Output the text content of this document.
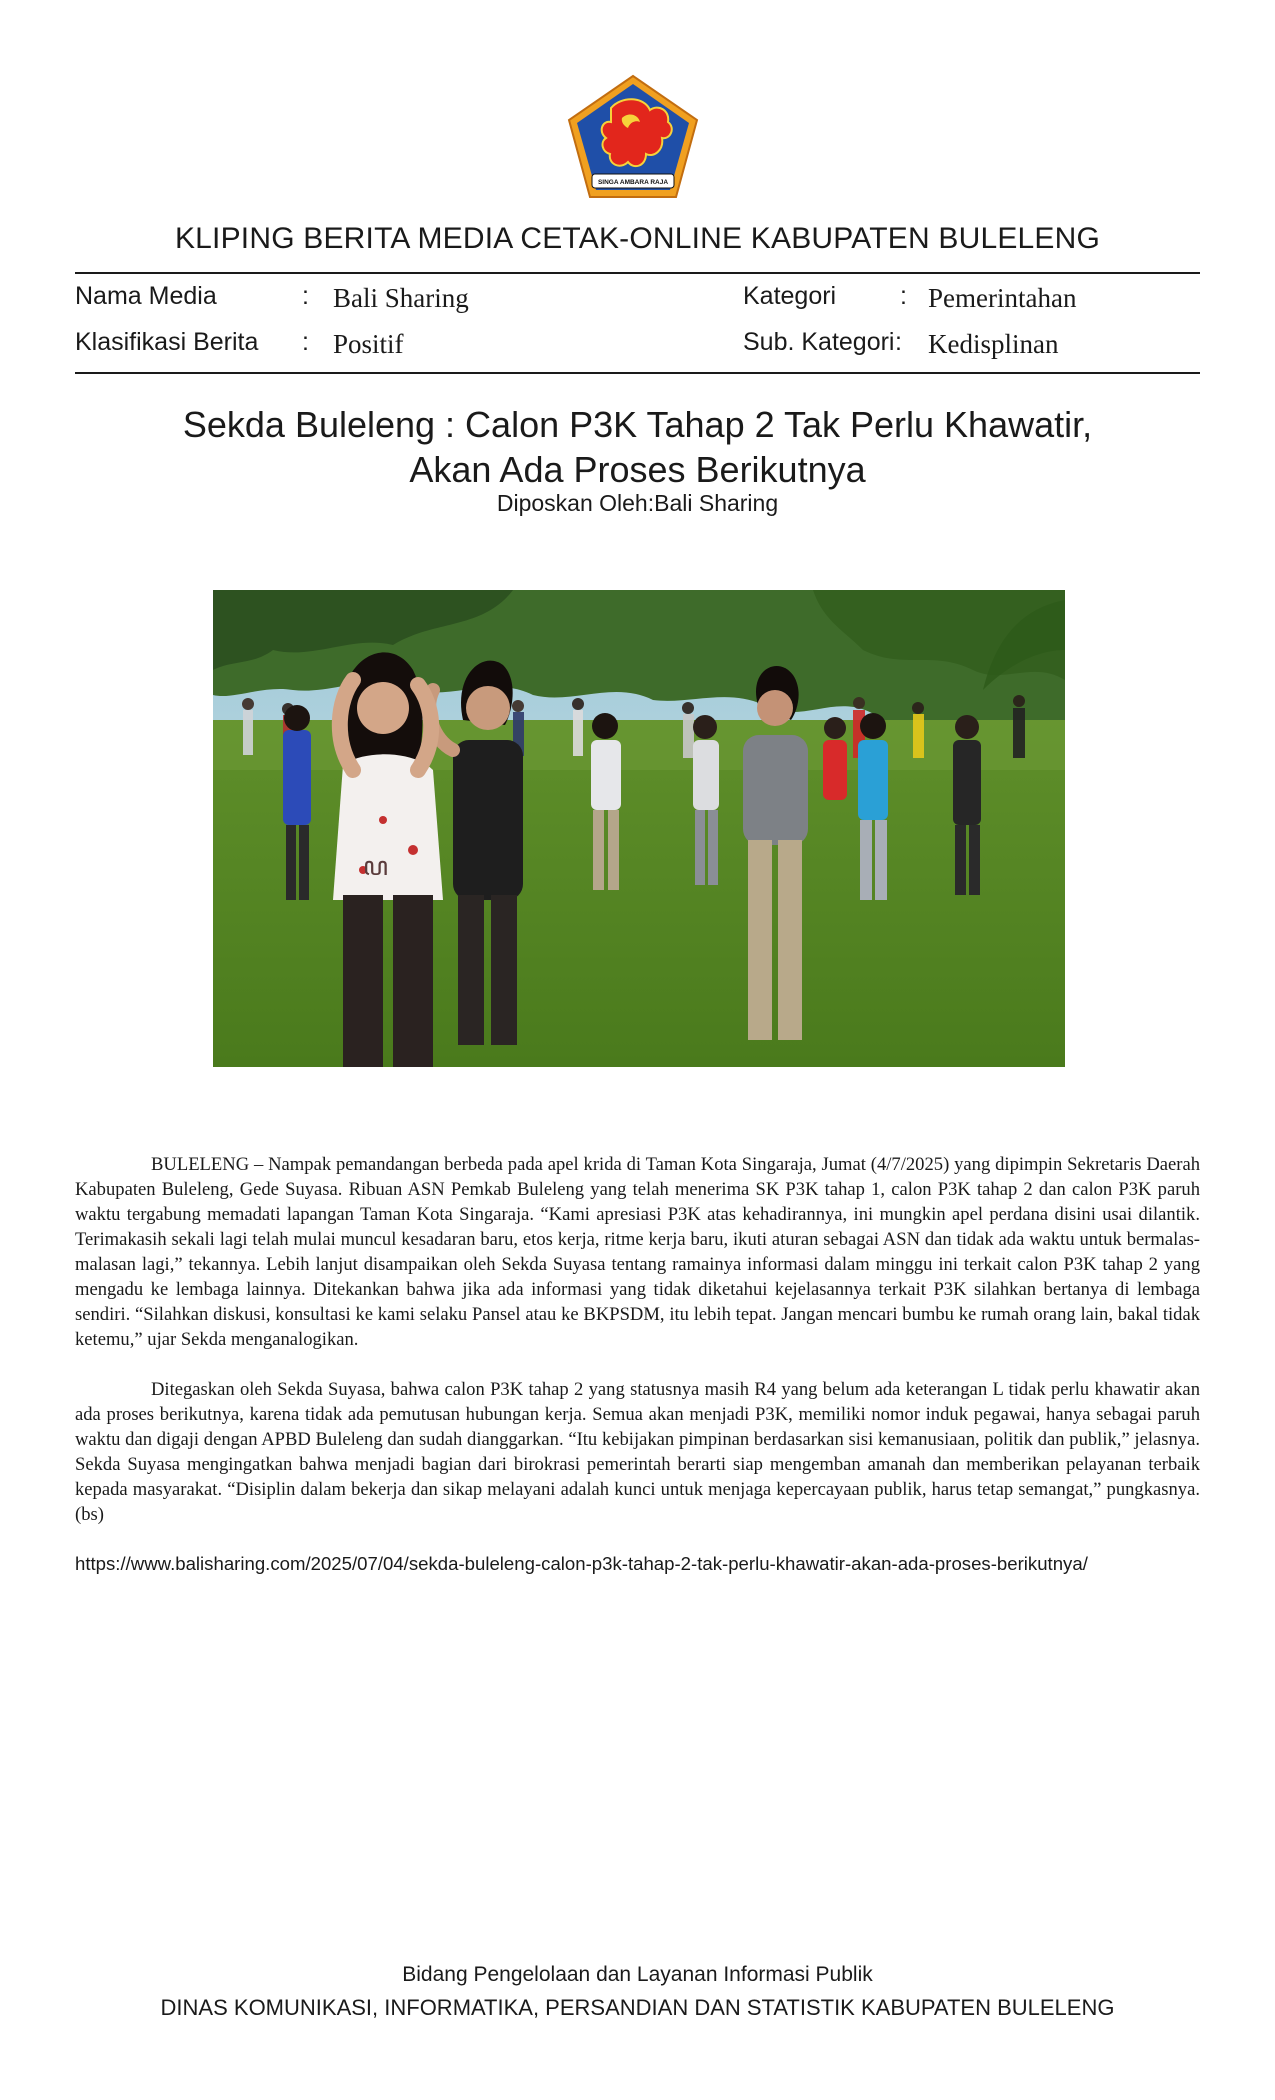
SINGA AMBARA RAJA
KLIPING BERITA MEDIA CETAK-ONLINE KABUPATEN BULELENG
Nama Media	: Bali Sharing
Klasifikasi Berita : Positif
Kategori	: Pemerintahan
Sub. Kategori : Kedisplinan
Sekda Buleleng : Calon P3K Tahap 2 Tak Perlu Khawatir,
Akan Ada Proses Berikutnya
Diposkan Oleh:Bali Sharing
ꦥ

BULELENG – Nampak pemandangan berbeda pada apel krida di Taman Kota Singaraja, Jumat (4/7/2025) yang dipimpin Sekretaris Daerah Kabupaten Buleleng, Gede Suyasa. Ribuan ASN Pemkab Buleleng yang telah menerima SK P3K tahap 1, calon P3K tahap 2 dan calon P3K paruh waktu tergabung memadati lapangan Taman Kota Singaraja. “Kami apresiasi P3K atas kehadirannya, ini mungkin apel perdana disini usai dilantik. Terimakasih sekali lagi telah mulai muncul kesadaran baru, etos kerja, ritme kerja baru, ikuti aturan sebagai ASN dan tidak ada waktu untuk bermalas-malasan lagi,” tekannya. Lebih lanjut disampaikan oleh Sekda Suyasa tentang ramainya informasi dalam minggu ini terkait calon P3K tahap 2 yang mengadu ke lembaga lainnya. Ditekankan bahwa jika ada informasi yang tidak diketahui kejelasannya terkait P3K silahkan bertanya di lembaga sendiri. “Silahkan diskusi, konsultasi ke kami selaku Pansel atau ke BKPSDM, itu lebih tepat. Jangan mencari bumbu ke rumah orang lain, bakal tidak ketemu,” ujar Sekda menganalogikan.

Ditegaskan oleh Sekda Suyasa, bahwa calon P3K tahap 2 yang statusnya masih R4 yang belum ada keterangan L tidak perlu khawatir akan ada proses berikutnya, karena tidak ada pemutusan hubungan kerja. Semua akan menjadi P3K, memiliki nomor induk pegawai, hanya sebagai paruh waktu dan digaji dengan APBD Buleleng dan sudah dianggarkan. “Itu kebijakan pimpinan berdasarkan sisi kemanusiaan, politik dan publik,” jelasnya. Sekda Suyasa mengingatkan bahwa menjadi bagian dari birokrasi pemerintah berarti siap mengemban amanah dan memberikan pelayanan terbaik kepada masyarakat. “Disiplin dalam bekerja dan sikap melayani adalah kunci untuk menjaga kepercayaan publik, harus tetap semangat,” pungkasnya. (bs)

https://www.balisharing.com/2025/07/04/sekda-buleleng-calon-p3k-tahap-2-tak-perlu-khawatir-akan-ada-proses-berikutnya/
Bidang Pengelolaan dan Layanan Informasi Publik
DINAS KOMUNIKASI, INFORMATIKA, PERSANDIAN DAN STATISTIK KABUPATEN BULELENG
